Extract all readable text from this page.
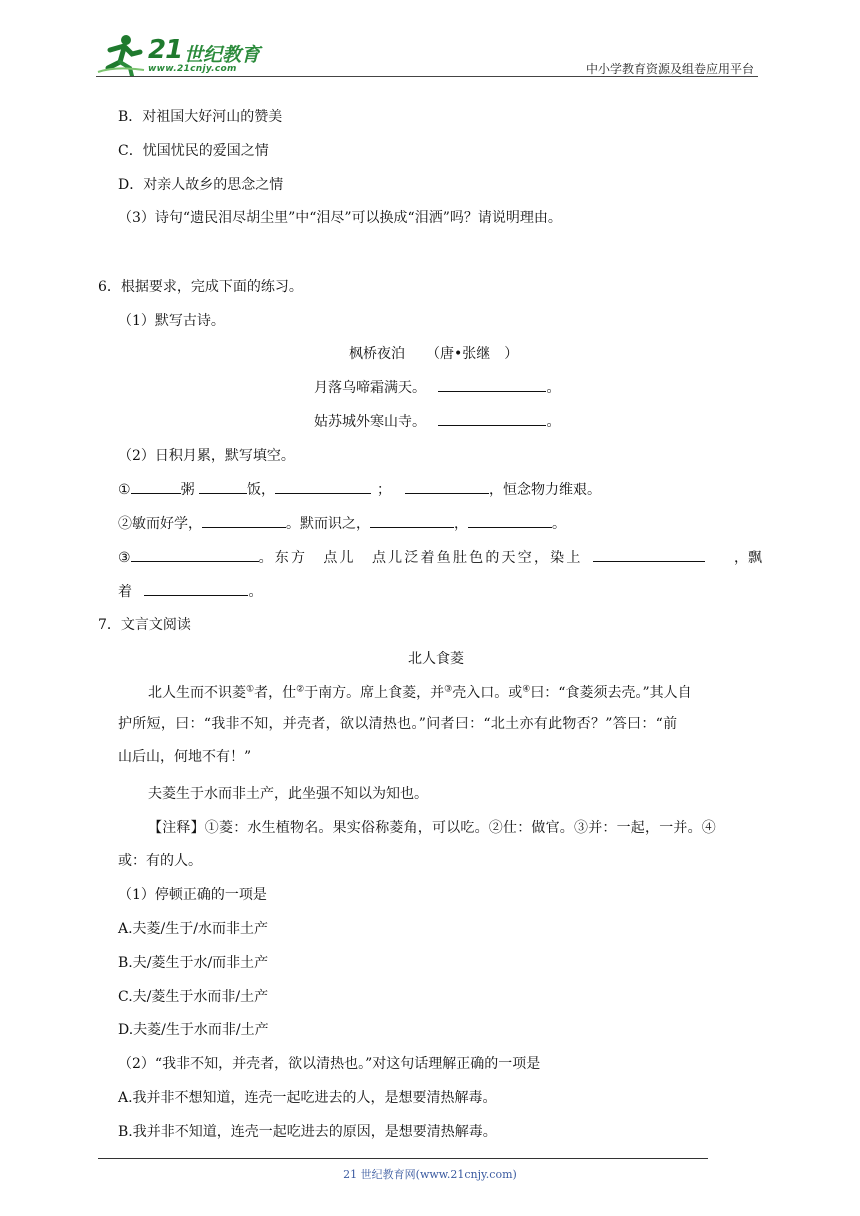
21 世纪教育
www.21cnjy.com	中小学教育资源及组卷应用平台
B．对祖国大好河山的赞美
C．忧国忧民的爱国之情
D．对亲人故乡的思念之情
（3）诗句“遗民泪尽胡尘里”中“泪尽”可以换成“泪洒”吗？请说明理由。
6．根据要求，完成下面的练习。
（1）默写古诗。
枫桥夜泊　　（唐•张继　）
月落乌啼霜满天。	。
姑苏城外寒山寺。	。
（2）日积月累，默写填空。
①	粥	饭，	；	，恒念物力维艰。
②敏而好学，	。默而识之，	，	。
③	。东方　点儿　点儿泛着鱼肚色的天空，染上	，飘
着	。
7．文言文阅读
北人食菱
北人生而不识菱①者，仕②于南方。席上食菱，并③壳入口。或④曰：“食菱须去壳。”其人自
护所短，曰：“我非不知，并壳者，欲以清热也。”问者曰：“北土亦有此物否？”答曰：“前
山后山，何地不有！”
夫菱生于水而非土产，此坐强不知以为知也。
【注释】①菱：水生植物名。果实俗称菱角，可以吃。②仕：做官。③并：一起，一并。④
或：有的人。
（1）停顿正确的一项是
A.夫菱/生于/水而非土产
B.夫/菱生于水/而非土产
C.夫/菱生于水而非/土产
D.夫菱/生于水而非/土产
（2）“我非不知，并壳者，欲以清热也。”对这句话理解正确的一项是
A.我并非不想知道，连壳一起吃进去的人，是想要清热解毒。
B.我并非不知道，连壳一起吃进去的原因，是想要清热解毒。
21 世纪教育网(www.21cnjy.com)
